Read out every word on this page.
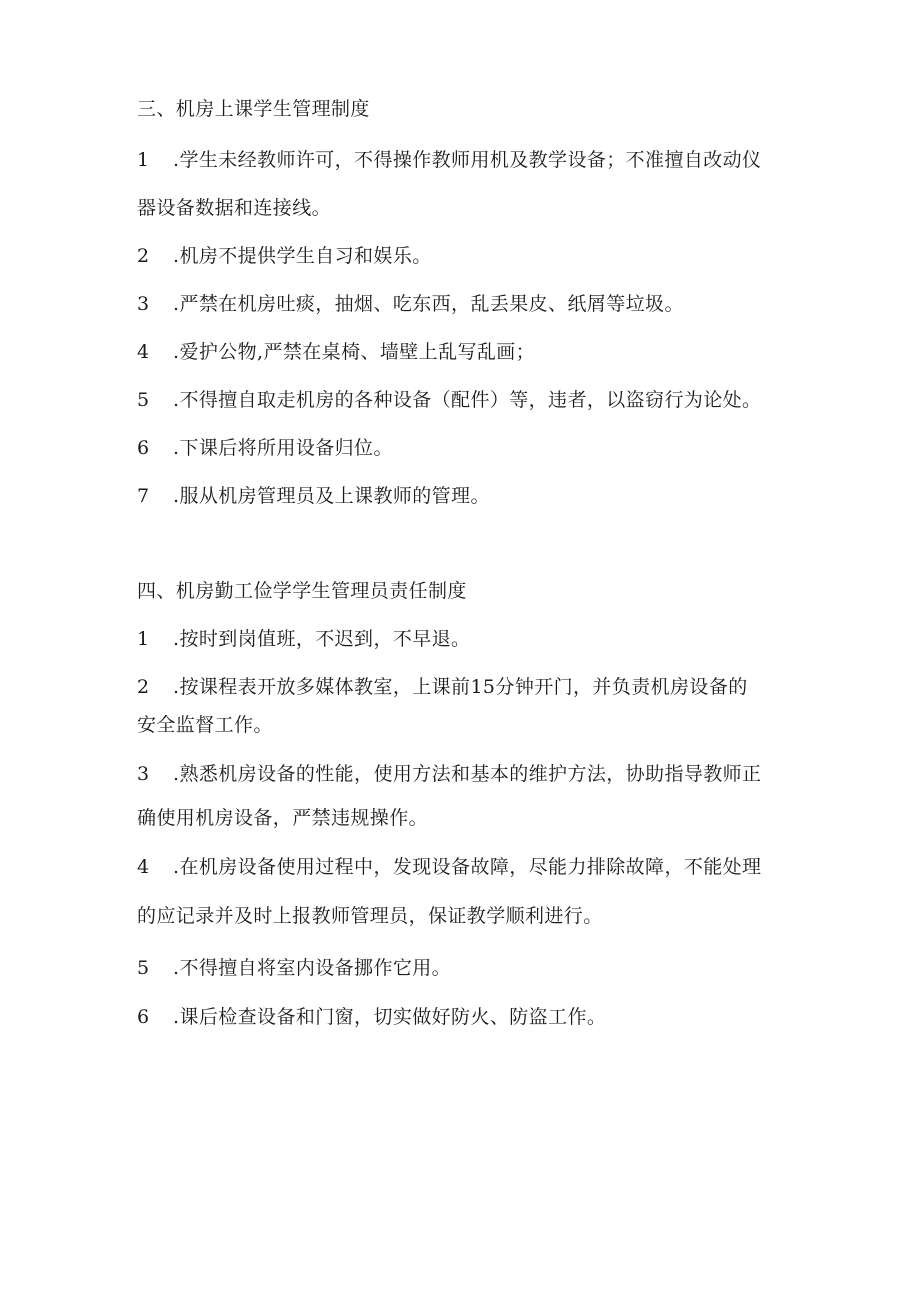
三、机房上课学生管理制度

1 .学生未经教师许可，不得操作教师用机及教学设备；不准擅自改动仪

器设备数据和连接线。

2 .机房不提供学生自习和娱乐。

3 .严禁在机房吐痰，抽烟、吃东西，乱丢果皮、纸屑等垃圾。

4 .爱护公物,严禁在桌椅、墙壁上乱写乱画；

5 .不得擅自取走机房的各种设备（配件）等，违者，以盗窃行为论处。

6 .下课后将所用设备归位。

7 .服从机房管理员及上课教师的管理。

四、机房勤工俭学学生管理员责任制度

1 .按时到岗值班，不迟到，不早退。

2 .按课程表开放多媒体教室，上课前15分钟开门，并负责机房设备的

安全监督工作。

3 .熟悉机房设备的性能，使用方法和基本的维护方法，协助指导教师正

确使用机房设备，严禁违规操作。

4 .在机房设备使用过程中，发现设备故障，尽能力排除故障，不能处理

的应记录并及时上报教师管理员，保证教学顺利进行。

5 .不得擅自将室内设备挪作它用。

6 .课后检查设备和门窗，切实做好防火、防盗工作。
